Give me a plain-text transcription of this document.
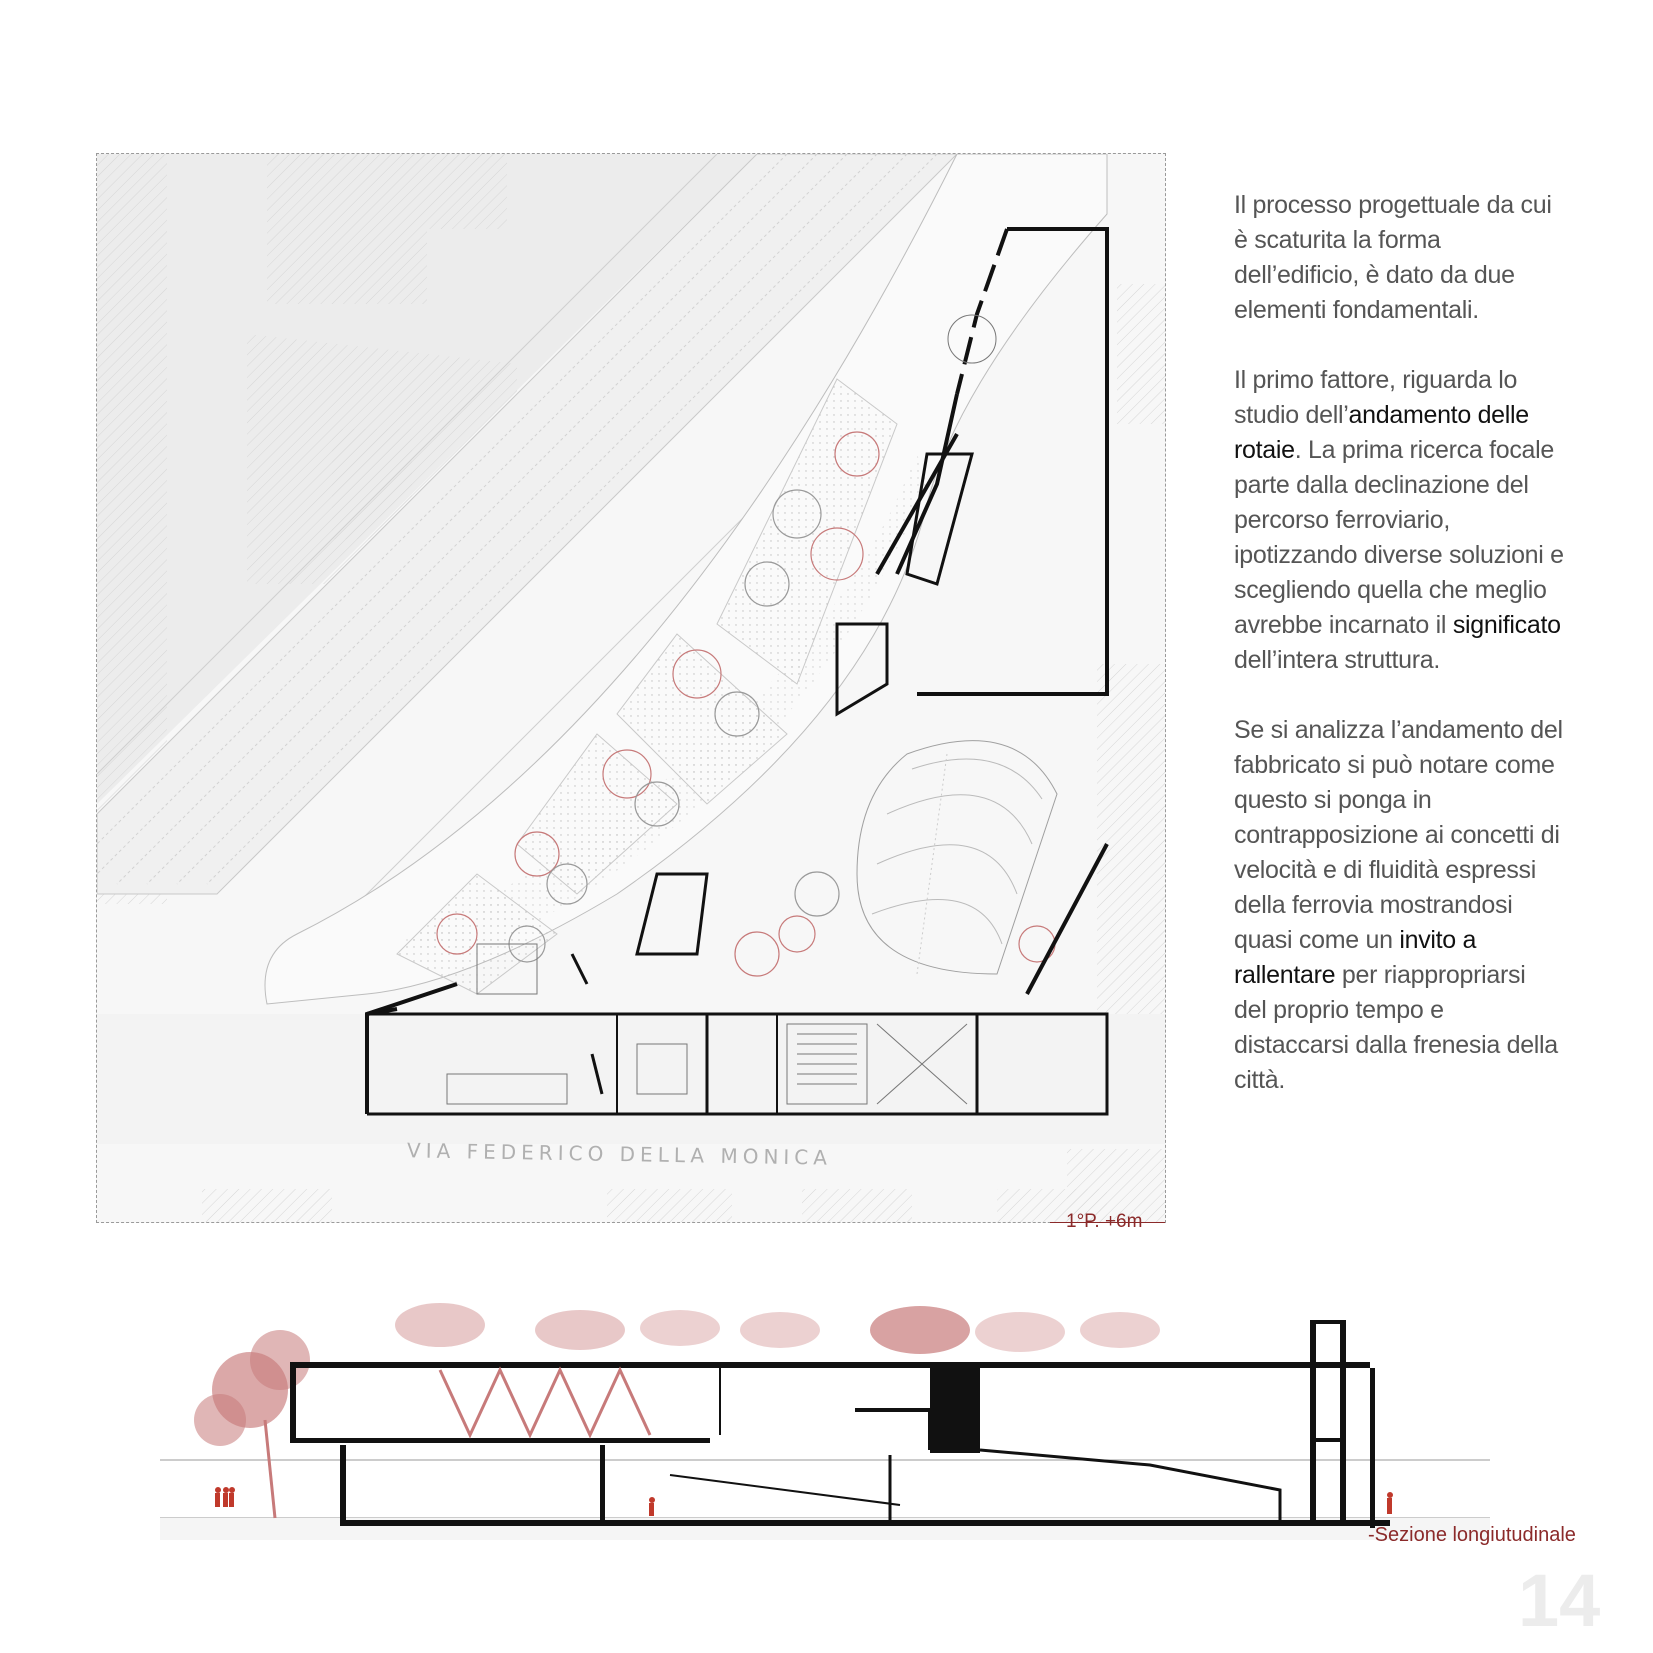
VIA FEDERICO DELLA MONICA
1°P. +6m

Il processo progettuale da cui è scaturita la forma dell’edificio, è dato da due elementi fondamentali.

Il primo fattore, riguarda lo studio dell’andamento delle rotaie. La prima ricerca focale parte dalla declinazione del percorso ferroviario, ipotizzando diverse soluzioni e scegliendo quella che meglio avrebbe incarnato il significato dell’intera struttura.

Se si analizza l’andamento del fabbricato si può notare come questo si ponga in contrapposizione ai concetti di velocità e di fluidità espressi della ferrovia mostrandosi quasi come un invito a rallentare per riappropriarsi del proprio tempo e distaccarsi dalla frenesia della città.

-Sezione longiutudinale
14
